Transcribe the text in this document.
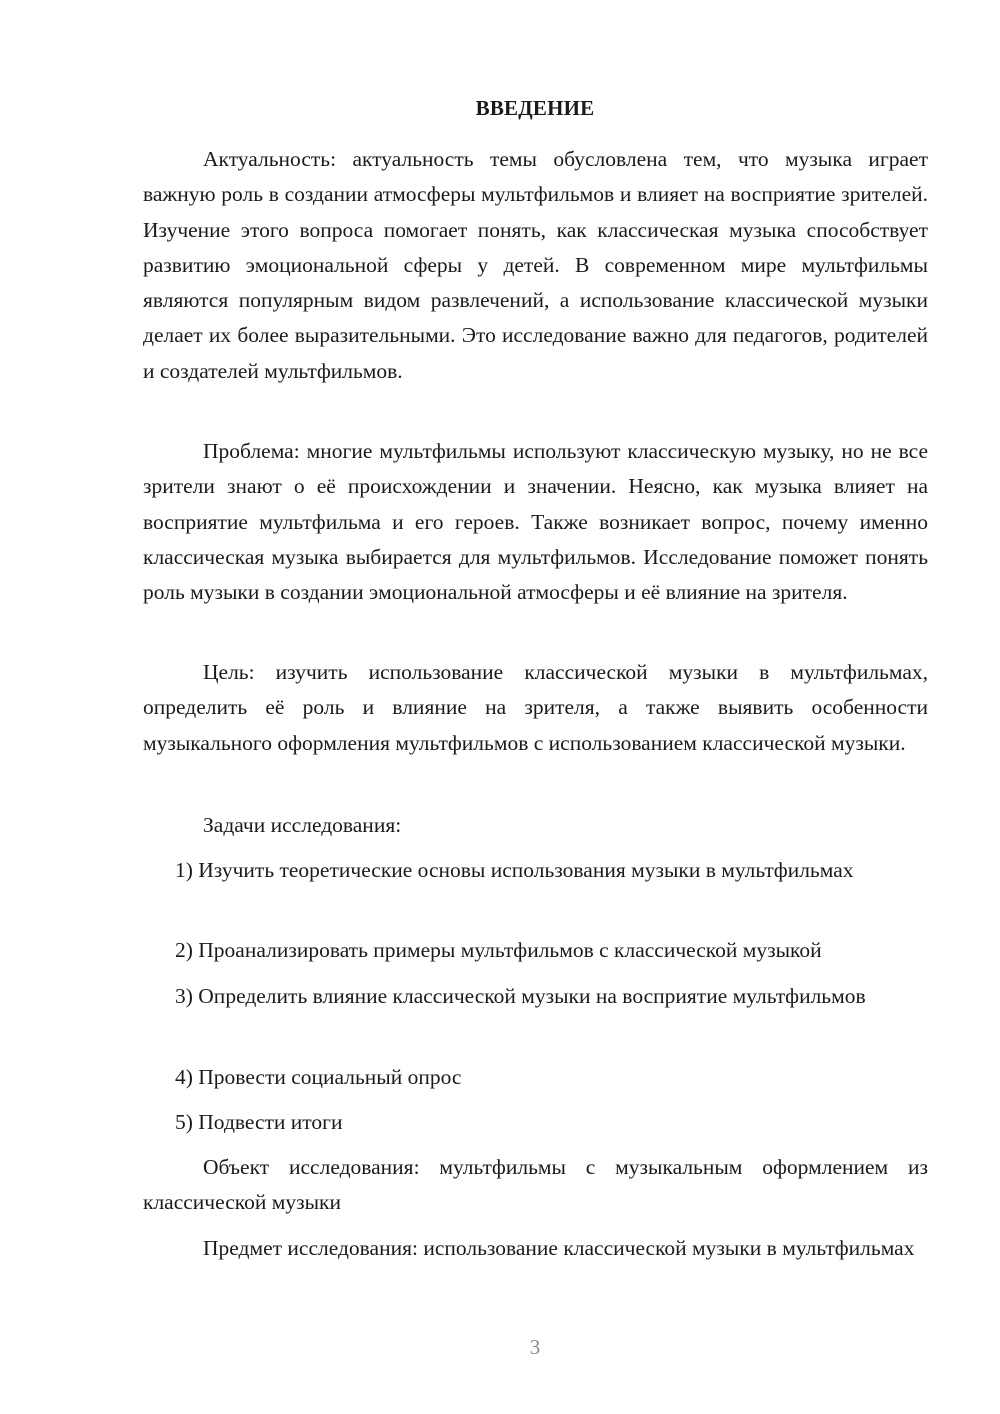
ВВЕДЕНИЕ

Актуальность: актуальность темы обусловлена тем, что музыка играет важную роль в создании атмосферы мультфильмов и влияет на восприятие зрителей. Изучение этого вопроса помогает понять, как классическая музыка способствует развитию эмоциональной сферы у детей. В современном мире мультфильмы являются популярным видом развлечений, а использование классической музыки делает их более выразительными. Это исследование важно для педагогов, родителей и создателей мультфильмов.

Проблема: многие мультфильмы используют классическую музыку, но не все зрители знают о её происхождении и значении. Неясно, как музыка влияет на восприятие мультфильма и его героев. Также возникает вопрос, почему именно классическая музыка выбирается для мультфильмов. Исследование поможет понять роль музыки в создании эмоциональной атмосферы и её влияние на зрителя.

Цель: изучить использование классической музыки в мультфильмах, определить её роль и влияние на зрителя, а также выявить особенности музыкального оформления мультфильмов с использованием классической музыки.

Задачи исследования:

1) Изучить теоретические основы использования музыки в мультфильмах

2) Проанализировать примеры мультфильмов с классической музыкой

3) Определить влияние классической музыки на восприятие мультфильмов

4) Провести социальный опрос

5) Подвести итоги

Объект исследования: мультфильмы с музыкальным оформлением из классической музыки

Предмет исследования: использование классической музыки в мультфильмах

3
